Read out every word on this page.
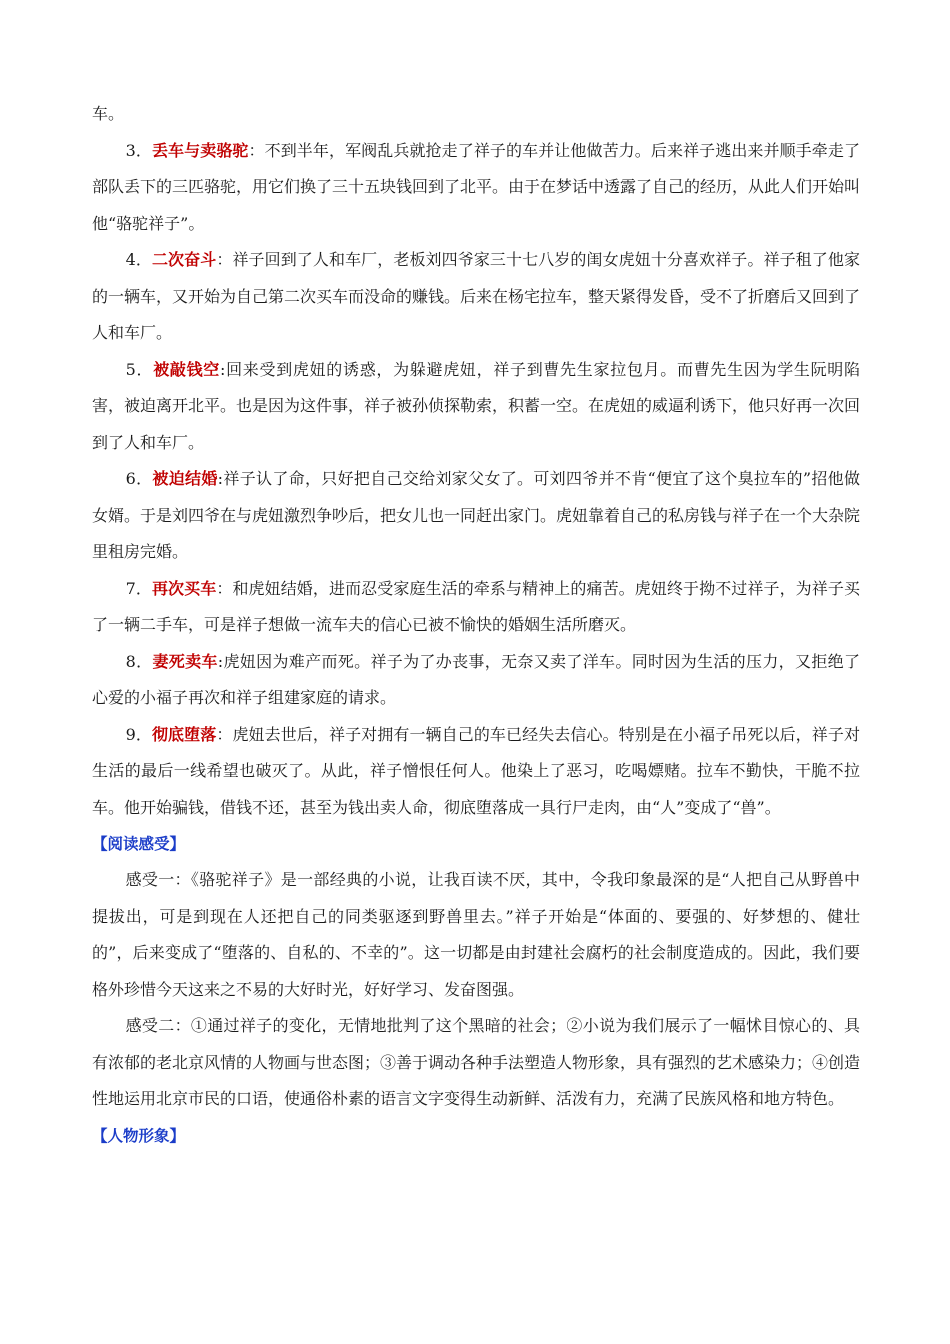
车。

3．丢车与卖骆驼：不到半年，军阀乱兵就抢走了祥子的车并让他做苦力。后来祥子逃出来并顺手牵走了部队丢下的三匹骆驼，用它们换了三十五块钱回到了北平。由于在梦话中透露了自己的经历，从此人们开始叫他“骆驼祥子”。

4．二次奋斗：祥子回到了人和车厂，老板刘四爷家三十七八岁的闺女虎妞十分喜欢祥子。祥子租了他家的一辆车，又开始为自己第二次买车而没命的赚钱。后来在杨宅拉车，整天紧得发昏，受不了折磨后又回到了人和车厂。

5．被敲钱空:回来受到虎妞的诱惑，为躲避虎妞，祥子到曹先生家拉包月。而曹先生因为学生阮明陷害，被迫离开北平。也是因为这件事，祥子被孙侦探勒索，积蓄一空。在虎妞的威逼利诱下，他只好再一次回到了人和车厂。

6．被迫结婚:祥子认了命，只好把自己交给刘家父女了。可刘四爷并不肯“便宜了这个臭拉车的”招他做女婿。于是刘四爷在与虎妞激烈争吵后，把女儿也一同赶出家门。虎妞靠着自己的私房钱与祥子在一个大杂院里租房完婚。

7．再次买车：和虎妞结婚，进而忍受家庭生活的牵系与精神上的痛苦。虎妞终于拗不过祥子，为祥子买了一辆二手车，可是祥子想做一流车夫的信心已被不愉快的婚姻生活所磨灭。

8．妻死卖车:虎妞因为难产而死。祥子为了办丧事，无奈又卖了洋车。同时因为生活的压力，又拒绝了心爱的小福子再次和祥子组建家庭的请求。

9．彻底堕落：虎妞去世后，祥子对拥有一辆自己的车已经失去信心。特别是在小福子吊死以后，祥子对生活的最后一线希望也破灭了。从此，祥子憎恨任何人。他染上了恶习，吃喝嫖赌。拉车不勤快，干脆不拉车。他开始骗钱，借钱不还，甚至为钱出卖人命，彻底堕落成一具行尸走肉，由“人”变成了“兽”。

【阅读感受】

感受一：《骆驼祥子》是一部经典的小说，让我百读不厌，其中，令我印象最深的是“人把自己从野兽中提拔出，可是到现在人还把自己的同类驱逐到野兽里去。”祥子开始是“体面的、要强的、好梦想的、健壮的”，后来变成了“堕落的、自私的、不幸的”。这一切都是由封建社会腐朽的社会制度造成的。因此，我们要格外珍惜今天这来之不易的大好时光，好好学习、发奋图强。

感受二：①通过祥子的变化，无情地批判了这个黑暗的社会；②小说为我们展示了一幅怵目惊心的、具有浓郁的老北京风情的人物画与世态图；③善于调动各种手法塑造人物形象，具有强烈的艺术感染力；④创造性地运用北京市民的口语，使通俗朴素的语言文字变得生动新鲜、活泼有力，充满了民族风格和地方特色。

【人物形象】
